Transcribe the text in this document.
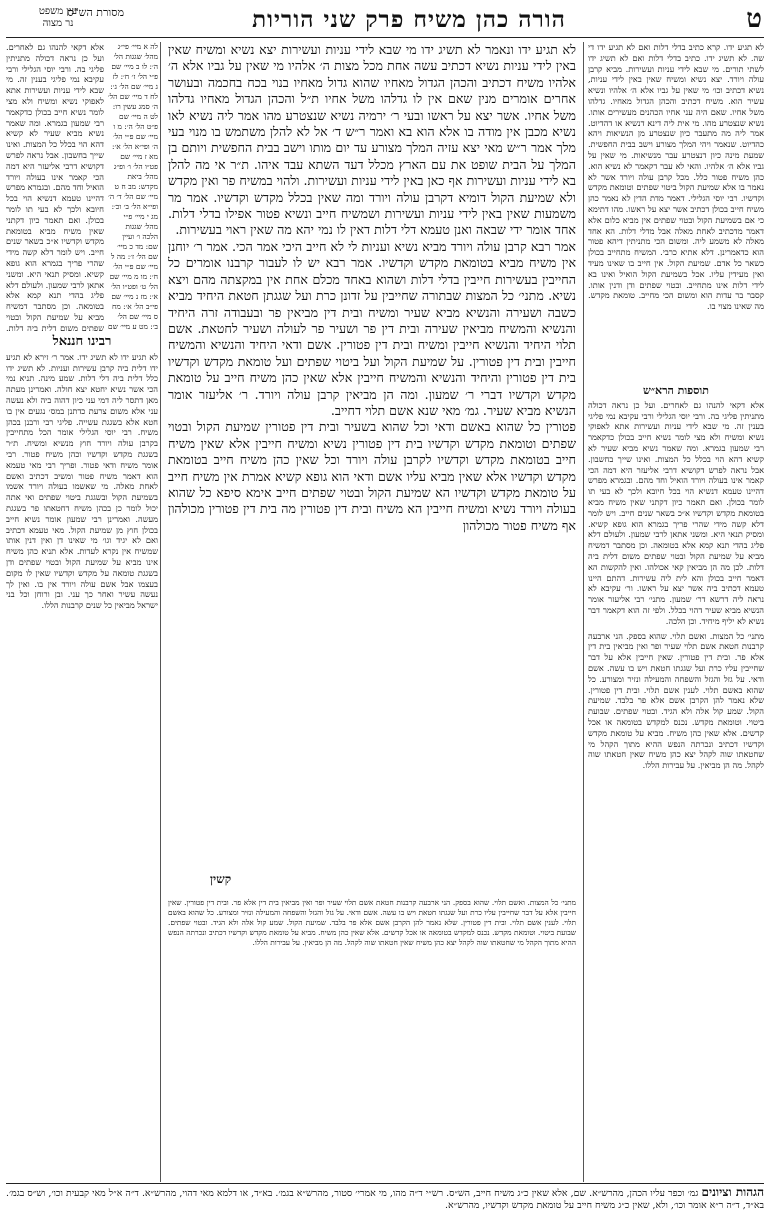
ט
הורה כהן משיח פרק שני הוריות
עין משפט
נר מצוה
מסורת הש"ס
לא תגיע ידו. קרא כתיב בדלי דלות ואם לא תגיע ידו די שה. לא תשיג ידו. כתיב בדלי דלות ואם לא תשיג ידו לשתי תורים. מי שבא לידי עניות ועשירות. מביא קרבן עולה ויורד. יצא נשיא ומשיח שאין באין לידי עניות, נשיא דכתיב וכו׳ מי שאין על גביו אלא ה׳ אלהיו ונשיא עשיר הוא. משיח דכתיב והכהן הגדול מאחיו. גדלהו משל אחיו. שאם היה עני אחיו הכהנים מעשירים אותו. נשיא שנצטרע מהו. מי אית ליה דינא דנשיא או דהדיוט. אמר ליה מה מתעבר כיון שנצטרע מן הנשיאות ויהא כהדיוט. שנאמר ויהי המלך מצורע וישב בבית החפשית. שמעת מינה כיון דנצטרע עבר מנשיאות. מי שאין על גביו אלא ה׳ אלהיו. והאי לא עבר דקאמר לא נשיא הוא. כהן משיח פטור כלל. מכל קרבן עולה ויורד אשר לא נאמר בו אלא שמיעת הקול ביטוי שפתים וטומאת מקדש וקדשיו. רבי יוסי הגלילי. דאמר מדת הדין לא נאמר כהן משיח חייב בכולן דכתיב אשר יצא על ראשו. מהו דתימא כי אם בשמיעת הקול ובטוי שפתים אין מביא כלום אלא דאמר מדכתיב לאחת מאלה אבל מדלי דלות. הא אחד מאלה לא משמע ליה. ומשום הכי מתניתין דיהא פטור הוא כדאמרינן. דלא אתיא כרבי. המשיח מתחייב בכולן כשאר כל אדם. שמיעת הקול. אין חייב בו שאינו מעיד ואין מעידין עליו. אכל בשמיעת הקול הואיל ואינו בא לידי דלות אינו מתחייב. ובטוי שפתים ודן ודנין אותו. קסבר בר עדות הוא ומשום הכי מחייב. טומאת מקדש. מה שאינו מצוי בו.
תוספות הרא״ש
אלא דקאי להנהו גם לאחרים. ועל כן נראה דכולה מתניתין פליגי בה. ורבי יוסי הגלילי ורבי עקיבא נמי פליגי בענין זה. מי שבא לידי עניות ועשירות אתא לאפוקי נשיא ומשיח ולא מצי לומר נשיא חייב בכולן כדקאמר רבי שמעון בגמרא. ומה שאמר נשיא מביא שעיר לא קשיא דהא הוי בכלל כל המצות. ואינו שייך בחשבון. אבל נראה לפרש דקושיא דרבי אליעזר היא דמה הכי קאמר אינו בעולה ויורד הואיל וחד מהם. ובגמרא מפרש דהיינו טעמא דנשיא הוי בכל חיובא ולכך לא בעי תו לומר בכולן. ואם תאמר כיון דקתני שאין משיח מביא בטומאת מקדש וקדשיו א״כ בשאר שנים חייב. ויש לומר דלא קשה מידי שהרי פריך בגמרא הוא גופא קשיא. ומסיק תנאי היא. ומשני אתאן לרבי שמעון. ולעולם דלא פליג בהדי תנא קמא אלא בטומאה. וכן מסתבר דמשיח מביא על שמיעת הקול ובטוי שפתים משום דלית ביה דלות. לכן מה הן מביאין קאי אכולהו. ואין להקשות הא דאמר חייב בכולן והא לית ליה עשירות. דהתם היינו טעמא דכתיב ביה אשר יצא על ראשו. ור׳ עקיבא לא נראה ליה דרשא דר׳ שמעון. מתני׳ רבי אליעזר אומר הנשיא מביא שעיר דהוי בכלל. ולפי זה הוא דקאמר דבר נשיא לא יליף מיחיד. וכן הלכה.
מתני׳ כל המצות. ואשם תלוי. שהוא בספק. הני ארבעה קרבנות חטאת אשם תלוי שעיר ופר ואין מביאין בית דין אלא פר. ובית דין פטורין. שאין חייבין אלא על דבר שחייבין עליו כרת ועל שגגתו חטאת ויש בו עשה. אשם ודאי. על גזל והגזל והשפחה והמעילה ונזיר ומצורע. כל שהוא באשם תלוי. לענין אשם תלוי. ובית דין פטורין. שלא נאמר להן הקרבן אשם אלא פר בלבד. שמיעת הקול. שמע קול אלה ולא הגיד. ובטוי שפתים. שבועת ביטוי. וטומאת מקדש. נכנס למקדש בטומאה או אכל קדשים. אלא שאין כהן משיח. מביא על טומאת מקדש וקדשיו דכתיב ונכרתה הנפש ההיא מתוך הקהל מי שחטאתו שוה לקהל יצא כהן משיח שאין חטאתו שוה לקהל. מה הן מביאין. על עבירות הללו.
לא תגיע ידו ונאמר לא תשיג ידו מי שבא לידי עניות ועשירות יצא נשיא ומשיח שאין באין לידי עניות נשיא דכתיב עשה אחת מכל מצות ה׳ אלהיו מי שאין על גביו אלא ה׳ אלהיו משיח דכתיב והכהן הגדול מאחיו שהוא גדול מאחיו בנוי בכח בחכמה ובעושר אחרים אומרים מנין שאם אין לו גדלהו משל אחיו ת״ל והכהן הגדול מאחיו גדלהו משל אחיו. אשר יצא על ראשו ובעי ר׳ ירמיה נשיא שנצטרע מהו אמר ליה נשיא לאו נשיא מכבן אין מודה בו אלא הוא בא ואמר ר״ש ד׳ אל לא להלן משתמש בו מנוי בעי מלך אמר ר״ש מאי יצא עזיה המלך מצורע עד יום מותו וישב בבית החפשית ויותם בן המלך על הבית שופט את עם הארץ מכלל דעד השתא עבד איהו. ת״ר אי מה להלן בא לידי עניות ועשירות אף כאן באין לידי עניות ועשירות. ולהוי במשיח פר ואין מקדש ולא שמיעת הקול דומיא דקרבן עולה ויורד ומה שאין בכלל מקדש וקדשיו. אמר מר משמעות שאין באין לידי עניות ועשירות ושמשיח חייב ונשיא פטור אפילו בדלי דלות. אחד אומר ידי שבאה ואנן טעמא דלי דלות דאין לו נמי יהא מה שאין ראוי בעשירות.
אמר רבא קרבן עולה ויורד מביא נשיא ועניות לי לא חייב היכי אמר הכי. אמר ר׳ יוחנן אין משיח מביא בטומאת מקדש וקדשיו. אמר רבא יש לו לעבור קרבנו אומרים כל החייבין בעשירות חייבין בדלי דלות ושהוא באחד מכלם אחת אין במקצתה מהם ויצא נשיא. מתני׳ כל המצות שבתורה שחייבין על זדונן כרת ועל שגגתן חטאת היחיד מביא כשבה ושעירה והנשיא מביא שעיר ומשיח ובית דין מביאין פר ובעבודה זרה היחיד והנשיא והמשיח מביאין שעירה ובית דין פר ושעיר פר לעולה ושעיר לחטאת. אשם תלוי היחיד והנשיא חייבין ומשיח ובית דין פטורין. אשם ודאי היחיד והנשיא והמשיח חייבין ובית דין פטורין. על שמיעת הקול ועל ביטוי שפתים ועל טומאת מקדש וקדשיו בית דין פטורין והיחיד והנשיא והמשיח חייבין אלא שאין כהן משיח חייב על טומאת מקדש וקדשיו דברי ר׳ שמעון. ומה הן מביאין קרבן עולה ויורד. ר׳ אליעזר אומר הנשיא מביא שעיר. גמ׳ מאי שנא אשם תלוי דחייב.
פטורין כל שהוא באשם ודאי וכל שהוא בשעיר ובית דין פטורין שמיעת הקול ובטוי שפתים וטומאת מקדש וקדשיו בית דין פטורין נשיא ומשיח חייבין אלא שאין משיח חייב בטומאת מקדש וקדשיו לקרבן עולה ויורד וכל שאין כהן משיח חייב בטומאת מקדש וקדשיו אלא שאין מביא עליו אשם ודאי הוא גופא קשיא אמרת אין משיח חייב על טומאת מקדש וקדשיו הא שמיעת הקול ובטוי שפתים חייב אימא סיפא כל שהוא בעולה ויורד נשיא ומשיח חייבין הא משיח ובית דין פטורין מה בית דין פטורין מכולהון אף משיח פטור מכולהון
קשין
מתני׳ כל המצות. ואשם תלוי. שהוא בספק. הני ארבעה קרבנות חטאת אשם תלוי שעיר ופר ואין מביאין בית דין אלא פר. ובית דין פטורין. שאין חייבין אלא על דבר שחייבין עליו כרת ועל שגגתו חטאת ויש בו עשה. אשם ודאי. על גזל והגזל והשפחה והמעילה ונזיר ומצורע. כל שהוא באשם תלוי. לענין אשם תלוי. ובית דין פטורין. שלא נאמר להן הקרבן אשם אלא פר בלבד. שמיעת הקול. שמע קול אלה ולא הגיד. ובטוי שפתים. שבועת ביטוי. וטומאת מקדש. נכנס למקדש בטומאה או אכל קדשים. אלא שאין כהן משיח. מביא על טומאת מקדש וקדשיו דכתיב ונכרתה הנפש ההיא מתוך הקהל מי שחטאתו שוה לקהל יצא כהן משיח שאין חטאתו שוה לקהל. מה הן מביאין. על עבירות הללו.
לה א מיי׳ פי״ג מהל׳ שגגות הל׳ ה׳: לו ב מיי׳ שם פ״י הל׳ ז׳ ח׳: לז ג מיי׳ שם הל׳ ג׳: לח ד מיי׳ שם הל׳ ה׳ סמג עשין רו: לט ה מיי׳ שם פ״ט הל׳ ה׳: מ ו מיי׳ שם פ״י הל׳ ה׳ ופי״א הל׳ א׳: מא ז מיי׳ שם פט״ו הל׳ ו׳ ופ״ג מהל׳ ביאת מקדש: מב ח ט מיי׳ שם הל׳ ד׳ ה׳ ופי״א הל׳ ב׳ וכ׳: מג י מיי׳ פ״י מהל׳ שגגות הלכה ו׳ ועיין שם: מד כ מיי׳ שם הל׳ ז׳: מה ל מיי׳ שם פ״י הל׳ ח׳: מו מ מיי׳ שם הל׳ ט׳ ופט״ו הל׳ א׳: מז נ מיי׳ שם פי״ב הל׳ א׳: מח ס מיי׳ שם הל׳ ב׳: מט ע מיי׳ שם
אלא דקאי להנהו גם לאחרים. ועל כן נראה דכולה מתניתין פליגי בה. ורבי יוסי הגלילי ורבי עקיבא נמי פליגי בענין זה. מי שבא לידי עניות ועשירות אתא לאפוקי נשיא ומשיח ולא מצי לומר נשיא חייב בכולן כדקאמר רבי שמעון בגמרא. ומה שאמר נשיא מביא שעיר לא קשיא דהא הוי בכלל כל המצות. ואינו שייך בחשבון. אבל נראה לפרש דקושיא דרבי אליעזר היא דמה הכי קאמר אינו בעולה ויורד הואיל וחד מהם. ובגמרא מפרש דהיינו טעמא דנשיא הוי בכל חיובא ולכך לא בעי תו לומר בכולן. ואם תאמר כיון דקתני שאין משיח מביא בטומאת מקדש וקדשיו א״כ בשאר שנים חייב. ויש לומר דלא קשה מידי שהרי פריך בגמרא הוא גופא קשיא. ומסיק תנאי היא. ומשני אתאן לרבי שמעון. ולעולם דלא פליג בהדי תנא קמא אלא בטומאה. וכן מסתבר דמשיח מביא על שמיעת הקול ובטוי שפתים משום דלית ביה דלות.
רבינו חננאל
לא תגיע ידו לא תשיג ידו. אמר ר׳ זירא לא תגיע ידו דלית ביה קרבן עשירות ועניות. לא תשיג ידו כלל דלית ביה דלי דלות. שמע מינה. תניא נמי הכי אשר נשיא יחטא יצא חולה. ואמרינן מעתה מאן דתסר ליה דמי עני כיון דהוה ביה ולא נעשה עני אלא משום צרעת כדתנן במס׳ נגעים אין בו חטא אלא בשגגת עשייה. פליגי רבי ורבנן בכהן משיח. רבי יוסי הגלילי אומר הכל מתחייבין בקרבן עולה ויורד חוץ מנשיא ומשיח. ת״ר בשגגת מקדש וקדשיו וכהן משיח פטור. רבי אומר משיח ודאי פטור. ופריך רבי מאי טעמא הוא דאמר משיח פטור ומשיב דכתיב ואשם לאחת מאלה. מי שאשמו בעולה ויורד אשמו בשמיעת הקול ובשגגת ביטוי שפתים ואי אתה יכול לומר כן בכהן משיח דחטאתו פר בשגגת מעשה. ואמרינן רבי שמעון אומר נשיא חייב בכולן חוץ מן שמיעת הקול. מאי טעמא דכתיב ואם לא יגיד וגו׳ מי שאינו דן ואין דנין אותו שמשיח אין נקרא לעדות. אלא תניא כהן משיח אינו מביא על שמיעת הקול ובטוי שפתים ודן בשגגת טומאה על מקדש וקדשיו שאין לו מקום בעצמו אבל אשם עולה ויורד אין בו. ואין לך נעשה עשיר ואחר כך עני. ובן ורוחן וכל בני ישראל מביאין כל שנים קרבנות הללו.
הגהות וציונים גמ׳ וכפר עליו הכהן, מהרש״א. שם, אלא שאין כ״ג משיח חייב, הש״ס. רש״י ד״ה מהו, מי אמרי׳ סטור, מהרש״א בגמ׳. בא״ד, או דלמא מאי דהוי, מהרש״א. ד״ה א״ל מאי קבעית וכו׳, וש״ס בגמ׳. בא״ד, ד״ה ר״א אומר וכו׳, ולא, שאין כ״ג משיח חייב על טומאת מקדש וקדשיו, מהרש״א.
